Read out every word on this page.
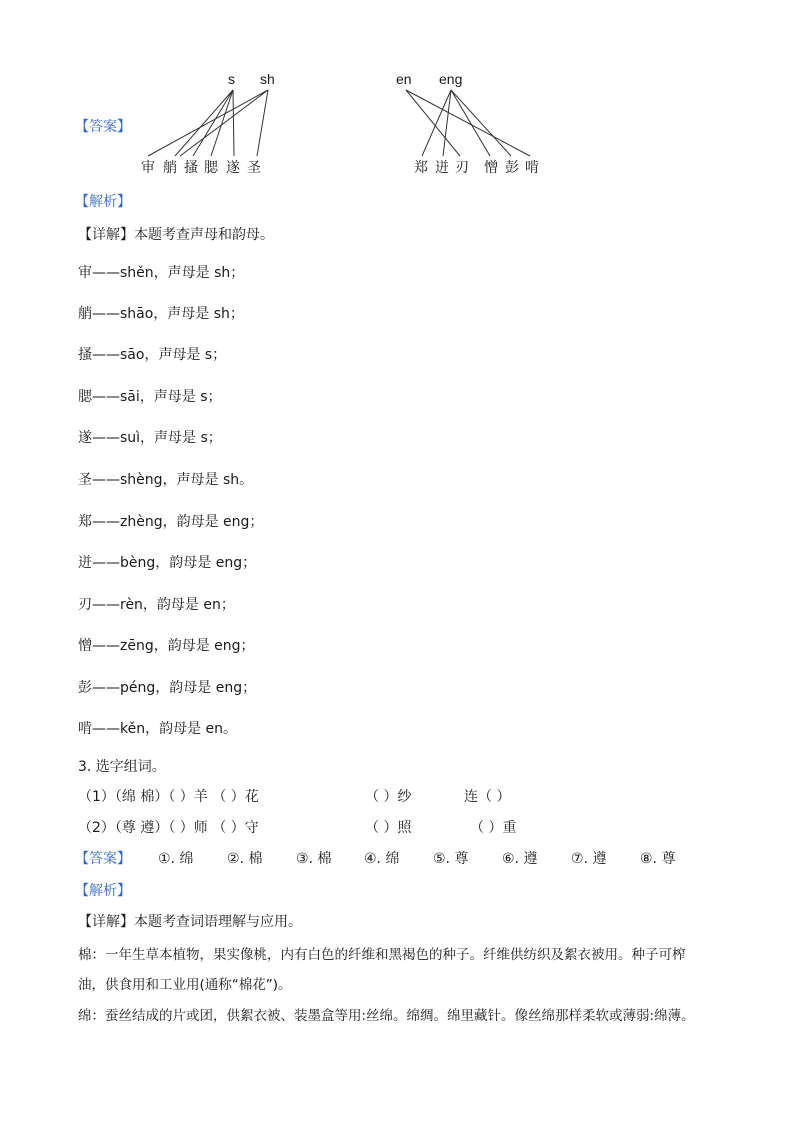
s sh	en eng
【答案】
审 艄 搔 腮 遂 圣	郑 迸 刃 憎 彭 啃
【解析】
【详解】本题考查声母和韵母。
审——shěn，声母是 sh；
艄——shāo，声母是 sh；
搔——sāo，声母是 s；
腮——sāi，声母是 s；
遂——suì，声母是 s；
圣——shèng，声母是 sh。
郑——zhèng，韵母是 eng；
迸——bèng，韵母是 eng；
刃——rèn，韵母是 en；
憎——zēng，韵母是 eng；
彭——péng，韵母是 eng；
啃——kěn，韵母是 en。
3. 选字组词。
（1）（绵 棉）（ ）羊 （ ）花	（ ）纱	连（ ）
（2）（尊 遵）（ ）师 （ ）守	（ ）照	（ ）重
【答案】 ①. 绵 ②. 棉 ③. 棉 ④. 绵 ⑤. 尊 ⑥. 遵 ⑦. 遵 ⑧. 尊
【解析】
【详解】本题考查词语理解与应用。
棉：一年生草本植物，果实像桃，内有白色的纤维和黑褐色的种子。纤维供纺织及絮衣被用。种子可榨
油，供食用和工业用(通称“棉花”)。
绵：蚕丝结成的片或团，供絮衣被、装墨盒等用:丝绵。绵绸。绵里藏针。像丝绵那样柔软或薄弱:绵薄。
